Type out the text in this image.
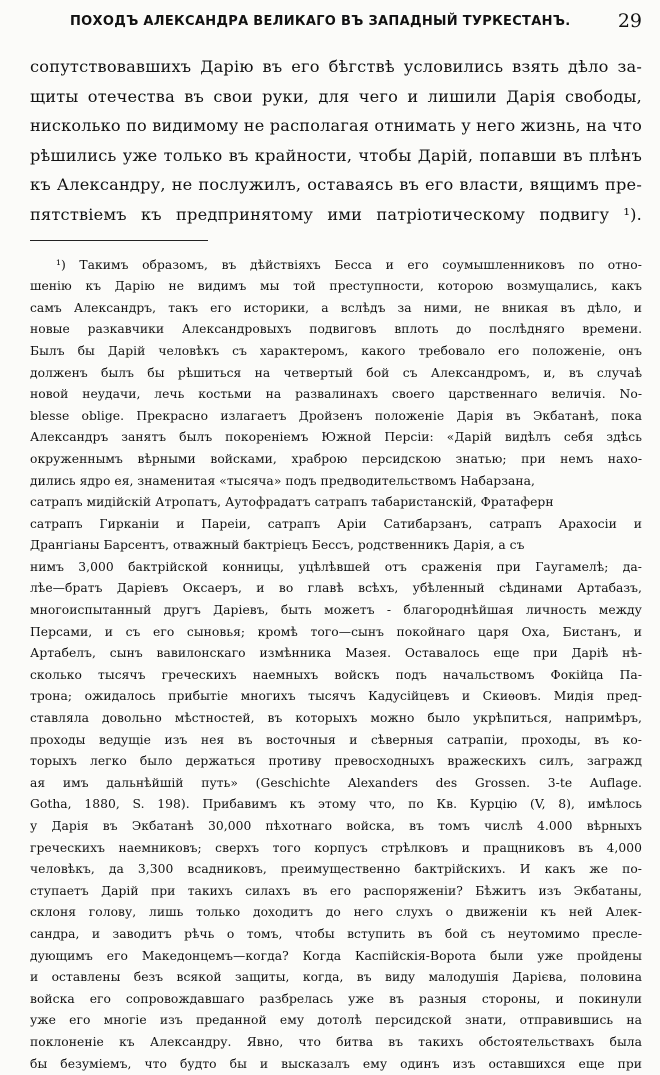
ПОХОДЪ АЛЕКСАНДРА ВЕЛИКАГО ВЪ ЗАПАДНЫЙ ТУРКЕСТАНЪ. 29
сопутствовавшихъ Дарію въ его бѣгствѣ условились взять дѣло за-
щиты отечества въ свои руки, для чего и лишили Дарія свободы,
нисколько по видимому не располагая отнимать у него жизнь, на что
рѣшились уже только въ крайности, чтобы Дарій, попавши въ плѣнъ
къ Александру, не послужилъ, оставаясь въ его власти, вящимъ пре-
пятствіемъ къ предпринятому ими патріотическому подвигу ¹).
¹) Такимъ образомъ, въ дѣйствіяхъ Бесса и его соумышленниковъ по отно-
шенію къ Дарію не видимъ мы той преступности, которою возмущались, какъ
самъ Александръ, такъ его историки, а вслѣдъ за ними, не вникая въ дѣло, и
новые разкавчики Александровыхъ подвиговъ вплоть до послѣдняго времени.
Былъ бы Дарій человѣкъ съ характеромъ, какого требовало его положеніе, онъ
долженъ былъ бы рѣшиться на четвертый бой съ Александромъ, и, въ случаѣ
новой неудачи, лечь костьми на развалинахъ своего царственнаго величія. No-
blesse oblige. Прекрасно излагаетъ Дройзенъ положеніе Дарія въ Экбатанѣ, пока
Александръ занятъ былъ покореніемъ Южной Персіи: «Дарій видѣлъ себя здѣсь
окруженнымъ вѣрными войсками, храброю персидскою знатью; при немъ нахо-
дились ядро ея, знаменитая «тысяча» подъ предводительствомъ Набарзана,
сатрапъ мидійскій Атропатъ, Аутофрадатъ сатрапъ табаристанскій, Фратаферн
сатрапъ Гирканіи и Пареіи, сатрапъ Аріи Сатибарзанъ, сатрапъ Арахосіи и
Дрангіаны Барсентъ, отважный бактріецъ Бессъ, родственникъ Дарія, а съ
нимъ 3,000 бактрійской конницы, уцѣлѣвшей отъ сраженія при Гаугамелѣ; да-
лѣе—братъ Даріевъ Оксаеръ, и во главѣ всѣхъ, убѣленный сѣдинами Артабазъ,
многоиспытанный другъ Даріевъ, быть можетъ - благороднѣйшая личность между
Персами, и съ его сыновья; кромѣ того—сынъ покойнаго царя Оха, Бистанъ, и
Артабелъ, сынъ вавилонскаго измѣнника Мазея. Оставалось еще при Даріѣ нѣ-
сколько тысячъ греческихъ наемныхъ войскъ подъ начальствомъ Фокійца Па-
трона; ожидалось прибытіе многихъ тысячъ Кадусійцевъ и Скиѳовъ. Мидія пред-
ставляла довольно мѣстностей, въ которыхъ можно было укрѣпиться, напримѣръ,
проходы ведущіе изъ нея въ восточныя и сѣверныя сатрапіи, проходы, въ ко-
торыхъ легко было держаться противу превосходныхъ вражескихъ силъ, загражд
ая имъ дальнѣйшій путь» (Geschichte Alexanders des Grossen. 3-te Auflage.
Gotha, 1880, S. 198). Прибавимъ къ этому что, по Кв. Курцію (V, 8), имѣлось
у Дарія въ Экбатанѣ 30,000 пѣхотнаго войска, въ томъ числѣ 4.000 вѣрныхъ
греческихъ наемниковъ; сверхъ того корпусъ стрѣлковъ и пращниковъ въ 4,000
человѣкъ, да 3,300 всадниковъ, преимущественно бактрійскихъ. И какъ же по-
ступаетъ Дарій при такихъ силахъ въ его распоряженіи? Бѣжитъ изъ Экбатаны,
склоня голову, лишь только доходитъ до него слухъ о движеніи къ ней Алек-
сандра, и заводитъ рѣчь о томъ, чтобы вступить въ бой съ неутомимо пресле-
дующимъ его Македонцемъ—когда? Когда Каспійскія-Ворота были уже пройдены
и оставлены безъ всякой защиты, когда, въ виду малодушія Дарієва, половина
войска его сопровождавшаго разбрелась уже въ разныя стороны, и покинули
уже его многіе изъ преданной ему дотолѣ персидской знати, отправившись на
поклоненіе къ Александру. Явно, что битва въ такихъ обстоятельствахъ была
бы безуміемъ, что будто бы и высказалъ ему одинъ изъ оставшихся еще при
